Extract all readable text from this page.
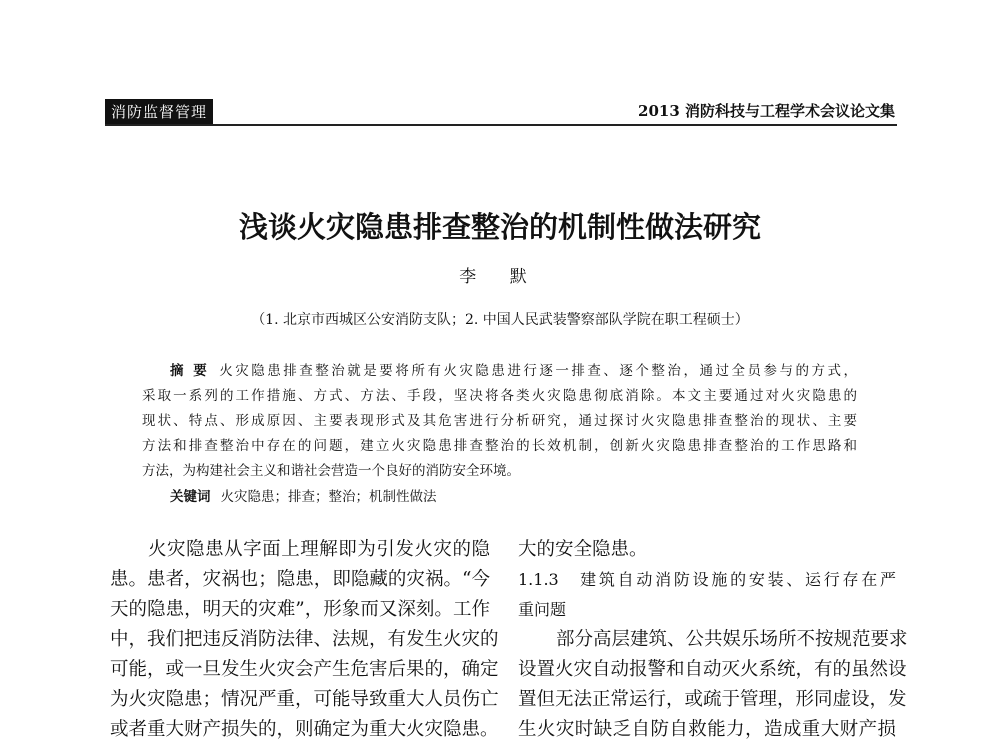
消防监督管理	2013 消防科技与工程学术会议论文集
浅谈火灾隐患排查整治的机制性做法研究
李 默
（1. 北京市西城区公安消防支队；2. 中国人民武装警察部队学院在职工程硕士）
摘 要 火灾隐患排查整治就是要将所有火灾隐患进行逐一排查、逐个整治，通过全员参与的方式，
采取一系列的工作措施、方式、方法、手段，坚决将各类火灾隐患彻底消除。本文主要通过对火灾隐患的
现状、特点、形成原因、主要表现形式及其危害进行分析研究，通过探讨火灾隐患排查整治的现状、主要
方法和排查整治中存在的问题，建立火灾隐患排查整治的长效机制，创新火灾隐患排查整治的工作思路和
方法，为构建社会主义和谐社会营造一个良好的消防安全环境。
关键词 火灾隐患；排查；整治；机制性做法
火灾隐患从字面上理解即为引发火灾的隐
患。患者，灾祸也；隐患，即隐藏的灾祸。“今
天的隐患，明天的灾难”，形象而又深刻。工作
中，我们把违反消防法律、法规，有发生火灾的
可能，或一旦发生火灾会产生危害后果的，确定
为火灾隐患；情况严重，可能导致重大人员伤亡
或者重大财产损失的，则确定为重大火灾隐患。
大的安全隐患。
1.1.3　建筑自动消防设施的安装、运行存在严
重问题
部分高层建筑、公共娱乐场所不按规范要求
设置火灾自动报警和自动灭火系统，有的虽然设
置但无法正常运行，或疏于管理，形同虚设，发
生火灾时缺乏自防自救能力，造成重大财产损
